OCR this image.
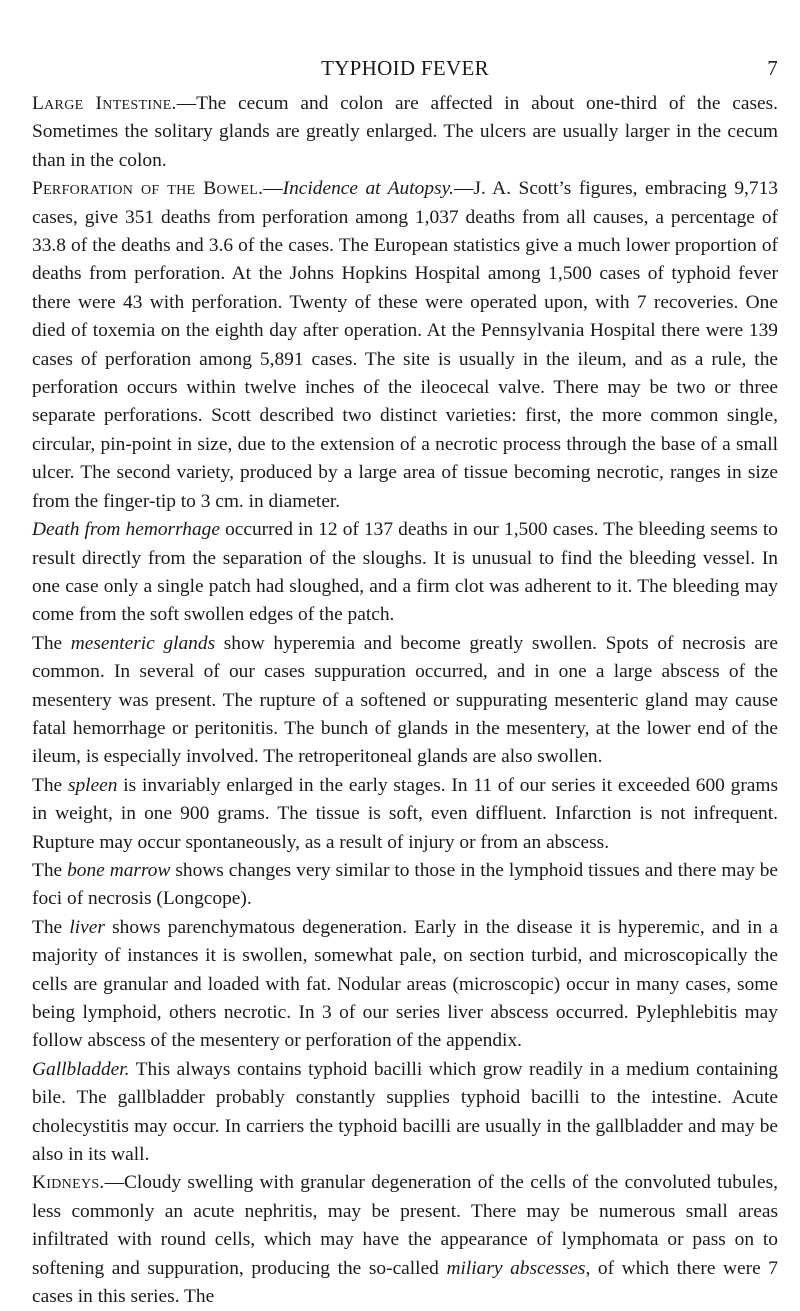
TYPHOID FEVER	7

Large Intestine.—The cecum and colon are affected in about one-third of the cases. Sometimes the solitary glands are greatly enlarged. The ulcers are usually larger in the cecum than in the colon.

Perforation of the Bowel.—Incidence at Autopsy.—J. A. Scott’s figures, embracing 9,713 cases, give 351 deaths from perforation among 1,037 deaths from all causes, a percentage of 33.8 of the deaths and 3.6 of the cases. The European statistics give a much lower proportion of deaths from perforation. At the Johns Hopkins Hospital among 1,500 cases of typhoid fever there were 43 with perforation. Twenty of these were operated upon, with 7 recoveries. One died of toxemia on the eighth day after operation. At the Pennsylvania Hospital there were 139 cases of perforation among 5,891 cases. The site is usually in the ileum, and as a rule, the perforation occurs within twelve inches of the ileocecal valve. There may be two or three separate perforations. Scott described two distinct varieties: first, the more common single, circular, pin-point in size, due to the extension of a necrotic process through the base of a small ulcer. The second variety, produced by a large area of tissue becoming necrotic, ranges in size from the finger-tip to 3 cm. in diameter.

Death from hemorrhage occurred in 12 of 137 deaths in our 1,500 cases. The bleeding seems to result directly from the separation of the sloughs. It is unusual to find the bleeding vessel. In one case only a single patch had sloughed, and a firm clot was adherent to it. The bleeding may come from the soft swollen edges of the patch.

The mesenteric glands show hyperemia and become greatly swollen. Spots of necrosis are common. In several of our cases suppuration occurred, and in one a large abscess of the mesentery was present. The rupture of a softened or suppurating mesenteric gland may cause fatal hemorrhage or peritonitis. The bunch of glands in the mesentery, at the lower end of the ileum, is especially involved. The retroperitoneal glands are also swollen.

The spleen is invariably enlarged in the early stages. In 11 of our series it exceeded 600 grams in weight, in one 900 grams. The tissue is soft, even diffluent. Infarction is not infrequent. Rupture may occur spontaneously, as a result of injury or from an abscess.

The bone marrow shows changes very similar to those in the lymphoid tissues and there may be foci of necrosis (Longcope).

The liver shows parenchymatous degeneration. Early in the disease it is hyperemic, and in a majority of instances it is swollen, somewhat pale, on section turbid, and microscopically the cells are granular and loaded with fat. Nodular areas (microscopic) occur in many cases, some being lymphoid, others necrotic. In 3 of our series liver abscess occurred. Pylephlebitis may follow abscess of the mesentery or perforation of the appendix.

Gallbladder. This always contains typhoid bacilli which grow readily in a medium containing bile. The gallbladder probably constantly supplies typhoid bacilli to the intestine. Acute cholecystitis may occur. In carriers the typhoid bacilli are usually in the gallbladder and may be also in its wall.

Kidneys.—Cloudy swelling with granular degeneration of the cells of the convoluted tubules, less commonly an acute nephritis, may be present. There may be numerous small areas infiltrated with round cells, which may have the appearance of lymphomata or pass on to softening and suppuration, producing the so-called miliary abscesses, of which there were 7 cases in this series. The
